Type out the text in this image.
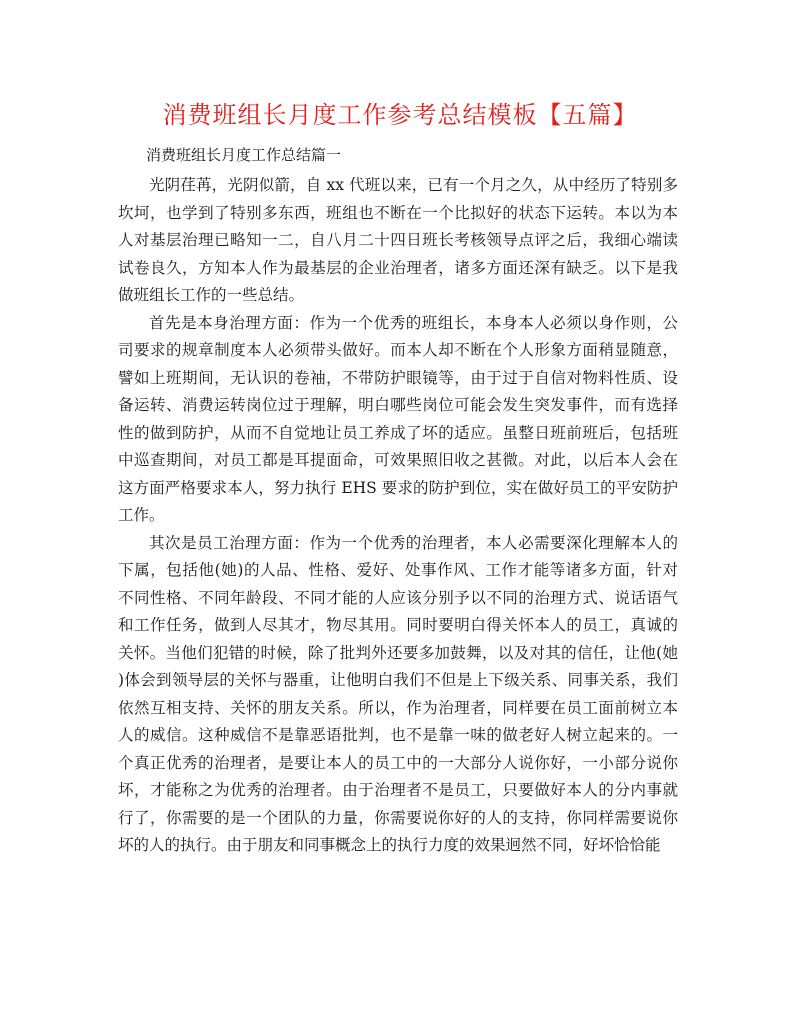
消费班组长月度工作参考总结模板【五篇】

消费班组长月度工作总结篇一

光阴荏苒，光阴似箭，自 xx 代班以来，已有一个月之久，从中经历了特别多
坎坷，也学到了特别多东西，班组也不断在一个比拟好的状态下运转。本以为本
人对基层治理已略知一二，自八月二十四日班长考核领导点评之后，我细心端读
试卷良久，方知本人作为最基层的企业治理者，诸多方面还深有缺乏。以下是我
做班组长工作的一些总结。
首先是本身治理方面：作为一个优秀的班组长，本身本人必须以身作则，公
司要求的规章制度本人必须带头做好。而本人却不断在个人形象方面稍显随意，
譬如上班期间，无认识的卷袖，不带防护眼镜等，由于过于自信对物料性质、设
备运转、消费运转岗位过于理解，明白哪些岗位可能会发生突发事件，而有选择
性的做到防护，从而不自觉地让员工养成了坏的适应。虽整日班前班后，包括班
中巡查期间，对员工都是耳提面命，可效果照旧收之甚微。对此，以后本人会在
这方面严格要求本人，努力执行 EHS 要求的防护到位，实在做好员工的平安防护
工作。
其次是员工治理方面：作为一个优秀的治理者，本人必需要深化理解本人的
下属，包括他(她)的人品、性格、爱好、处事作风、工作才能等诸多方面，针对
不同性格、不同年龄段、不同才能的人应该分别予以不同的治理方式、说话语气
和工作任务，做到人尽其才，物尽其用。同时要明白得关怀本人的员工，真诚的
关怀。当他们犯错的时候，除了批判外还要多加鼓舞，以及对其的信任，让他(她
)体会到领导层的关怀与器重，让他明白我们不但是上下级关系、同事关系，我们
依然互相支持、关怀的朋友关系。所以，作为治理者，同样要在员工面前树立本
人的威信。这种威信不是靠恶语批判，也不是靠一味的做老好人树立起来的。一
个真正优秀的治理者，是要让本人的员工中的一大部分人说你好，一小部分说你
坏，才能称之为优秀的治理者。由于治理者不是员工，只要做好本人的分内事就
行了，你需要的是一个团队的力量，你需要说你好的人的支持，你同样需要说你
坏的人的执行。由于朋友和同事概念上的执行力度的效果迥然不同，好坏恰恰能
